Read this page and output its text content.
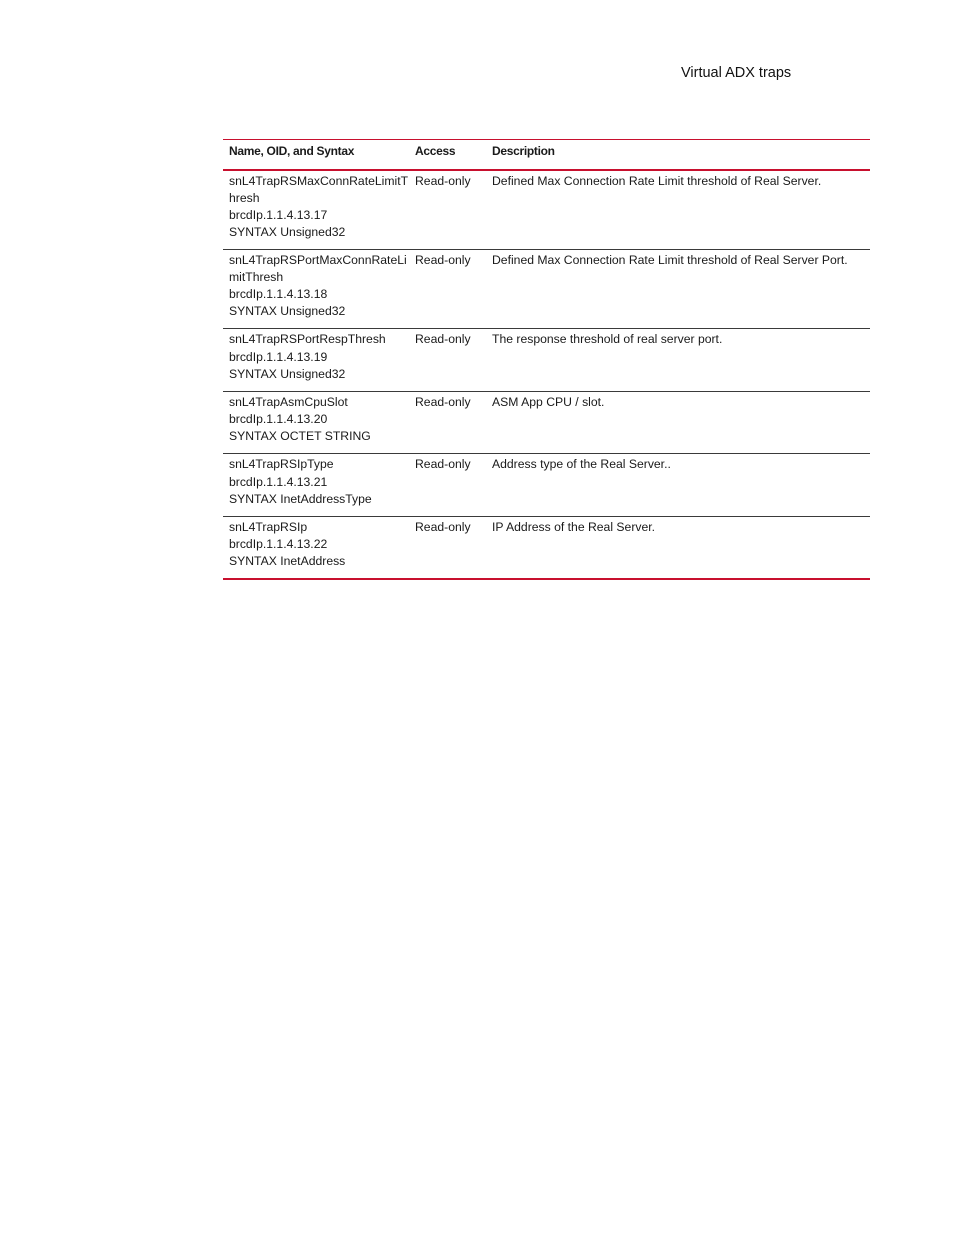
Virtual ADX traps
Name, OID, and Syntax	Access	Description

snL4TrapRSMaxConnRateLimitThresh
brcdIp.1.1.4.13.17
SYNTAX Unsigned32	Read-only	Defined Max Connection Rate Limit threshold of Real Server.

snL4TrapRSPortMaxConnRateLimitThresh
brcdIp.1.1.4.13.18
SYNTAX Unsigned32	Read-only	Defined Max Connection Rate Limit threshold of Real Server Port.

snL4TrapRSPortRespThresh
brcdIp.1.1.4.13.19
SYNTAX Unsigned32	Read-only	The response threshold of real server port.

snL4TrapAsmCpuSlot
brcdIp.1.1.4.13.20
SYNTAX OCTET STRING	Read-only	ASM App CPU / slot.

snL4TrapRSIpType
brcdIp.1.1.4.13.21
SYNTAX InetAddressType	Read-only	Address type of the Real Server..

snL4TrapRSIp
brcdIp.1.1.4.13.22
SYNTAX InetAddress	Read-only	IP Address of the Real Server.
